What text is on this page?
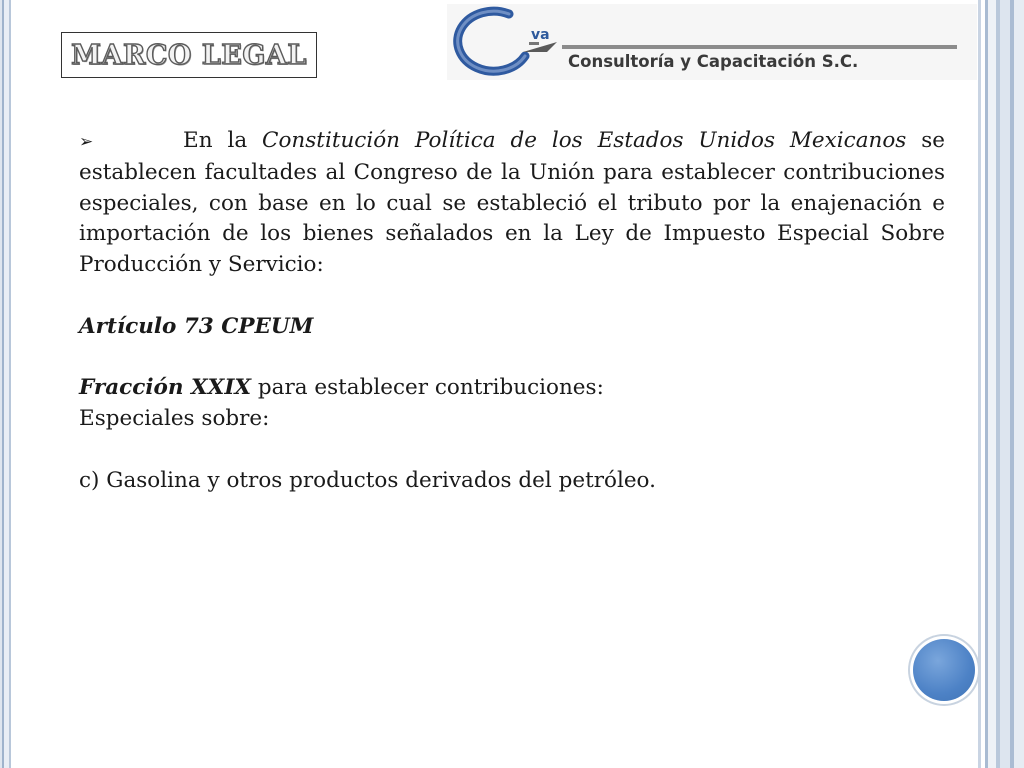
MARCO LEGAL
va
Consultoría y Capacitación S.C.

➢	En la Constitución Política de los Estados Unidos Mexicanos se establecen facultades al Congreso de la Unión para establecer contribuciones especiales, con base en lo cual se estableció el tributo por la enajenación e importación de los bienes señalados en la Ley de Impuesto Especial Sobre Producción y Servicio:

Artículo 73 CPEUM

Fracción XXIX para establecer contribuciones:

Especiales sobre:

c) Gasolina y otros productos derivados del petróleo.
